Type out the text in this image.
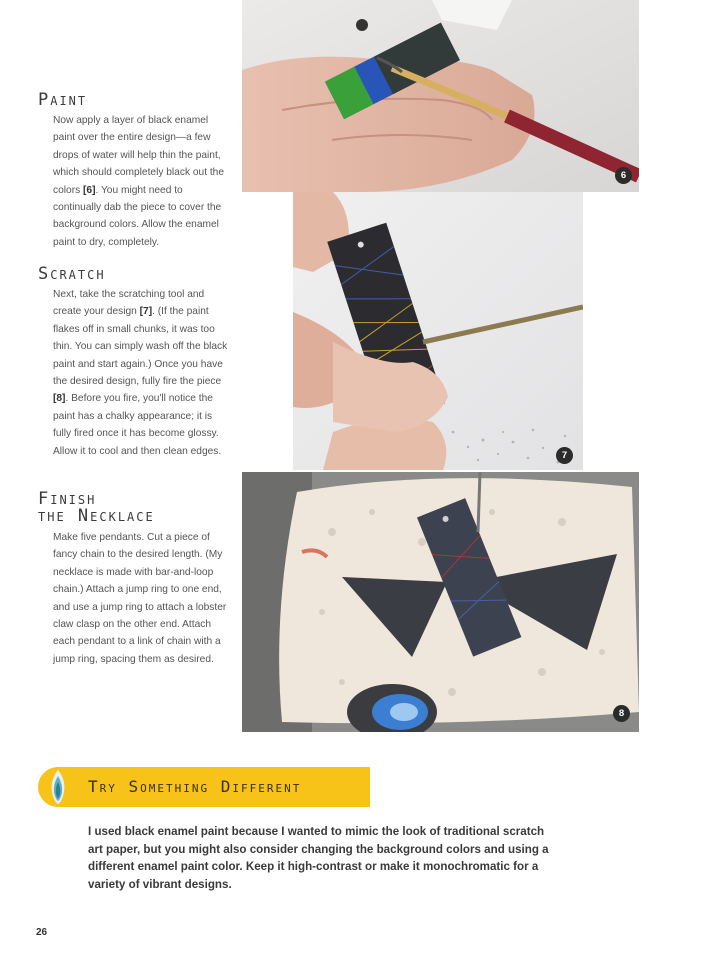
Paint
Now apply a layer of black enamel paint over the entire design—a few drops of water will help thin the paint, which should completely black out the colors [6]. You might need to continually dab the piece to cover the background colors. Allow the enamel paint to dry, completely.
Scratch
Next, take the scratching tool and create your design [7]. (If the paint flakes off in small chunks, it was too thin. You can simply wash off the black paint and start again.) Once you have the desired design, fully fire the piece [8]. Before you fire, you'll notice the paint has a chalky appearance; it is fully fired once it has become glossy. Allow it to cool and then clean edges.
Finish
the Necklace
Make five pendants. Cut a piece of fancy chain to the desired length. (My necklace is made with bar-and-loop chain.) Attach a jump ring to one end, and use a jump ring to attach a lobster claw clasp on the other end. Attach each pendant to a link of chain with a jump ring, spacing them as desired.
6
7
8
Try Something Different
I used black enamel paint because I wanted to mimic the look of traditional scratch art paper, but you might also consider changing the background colors and using a different enamel paint color. Keep it high-contrast or make it monochromatic for a variety of vibrant designs.
26
